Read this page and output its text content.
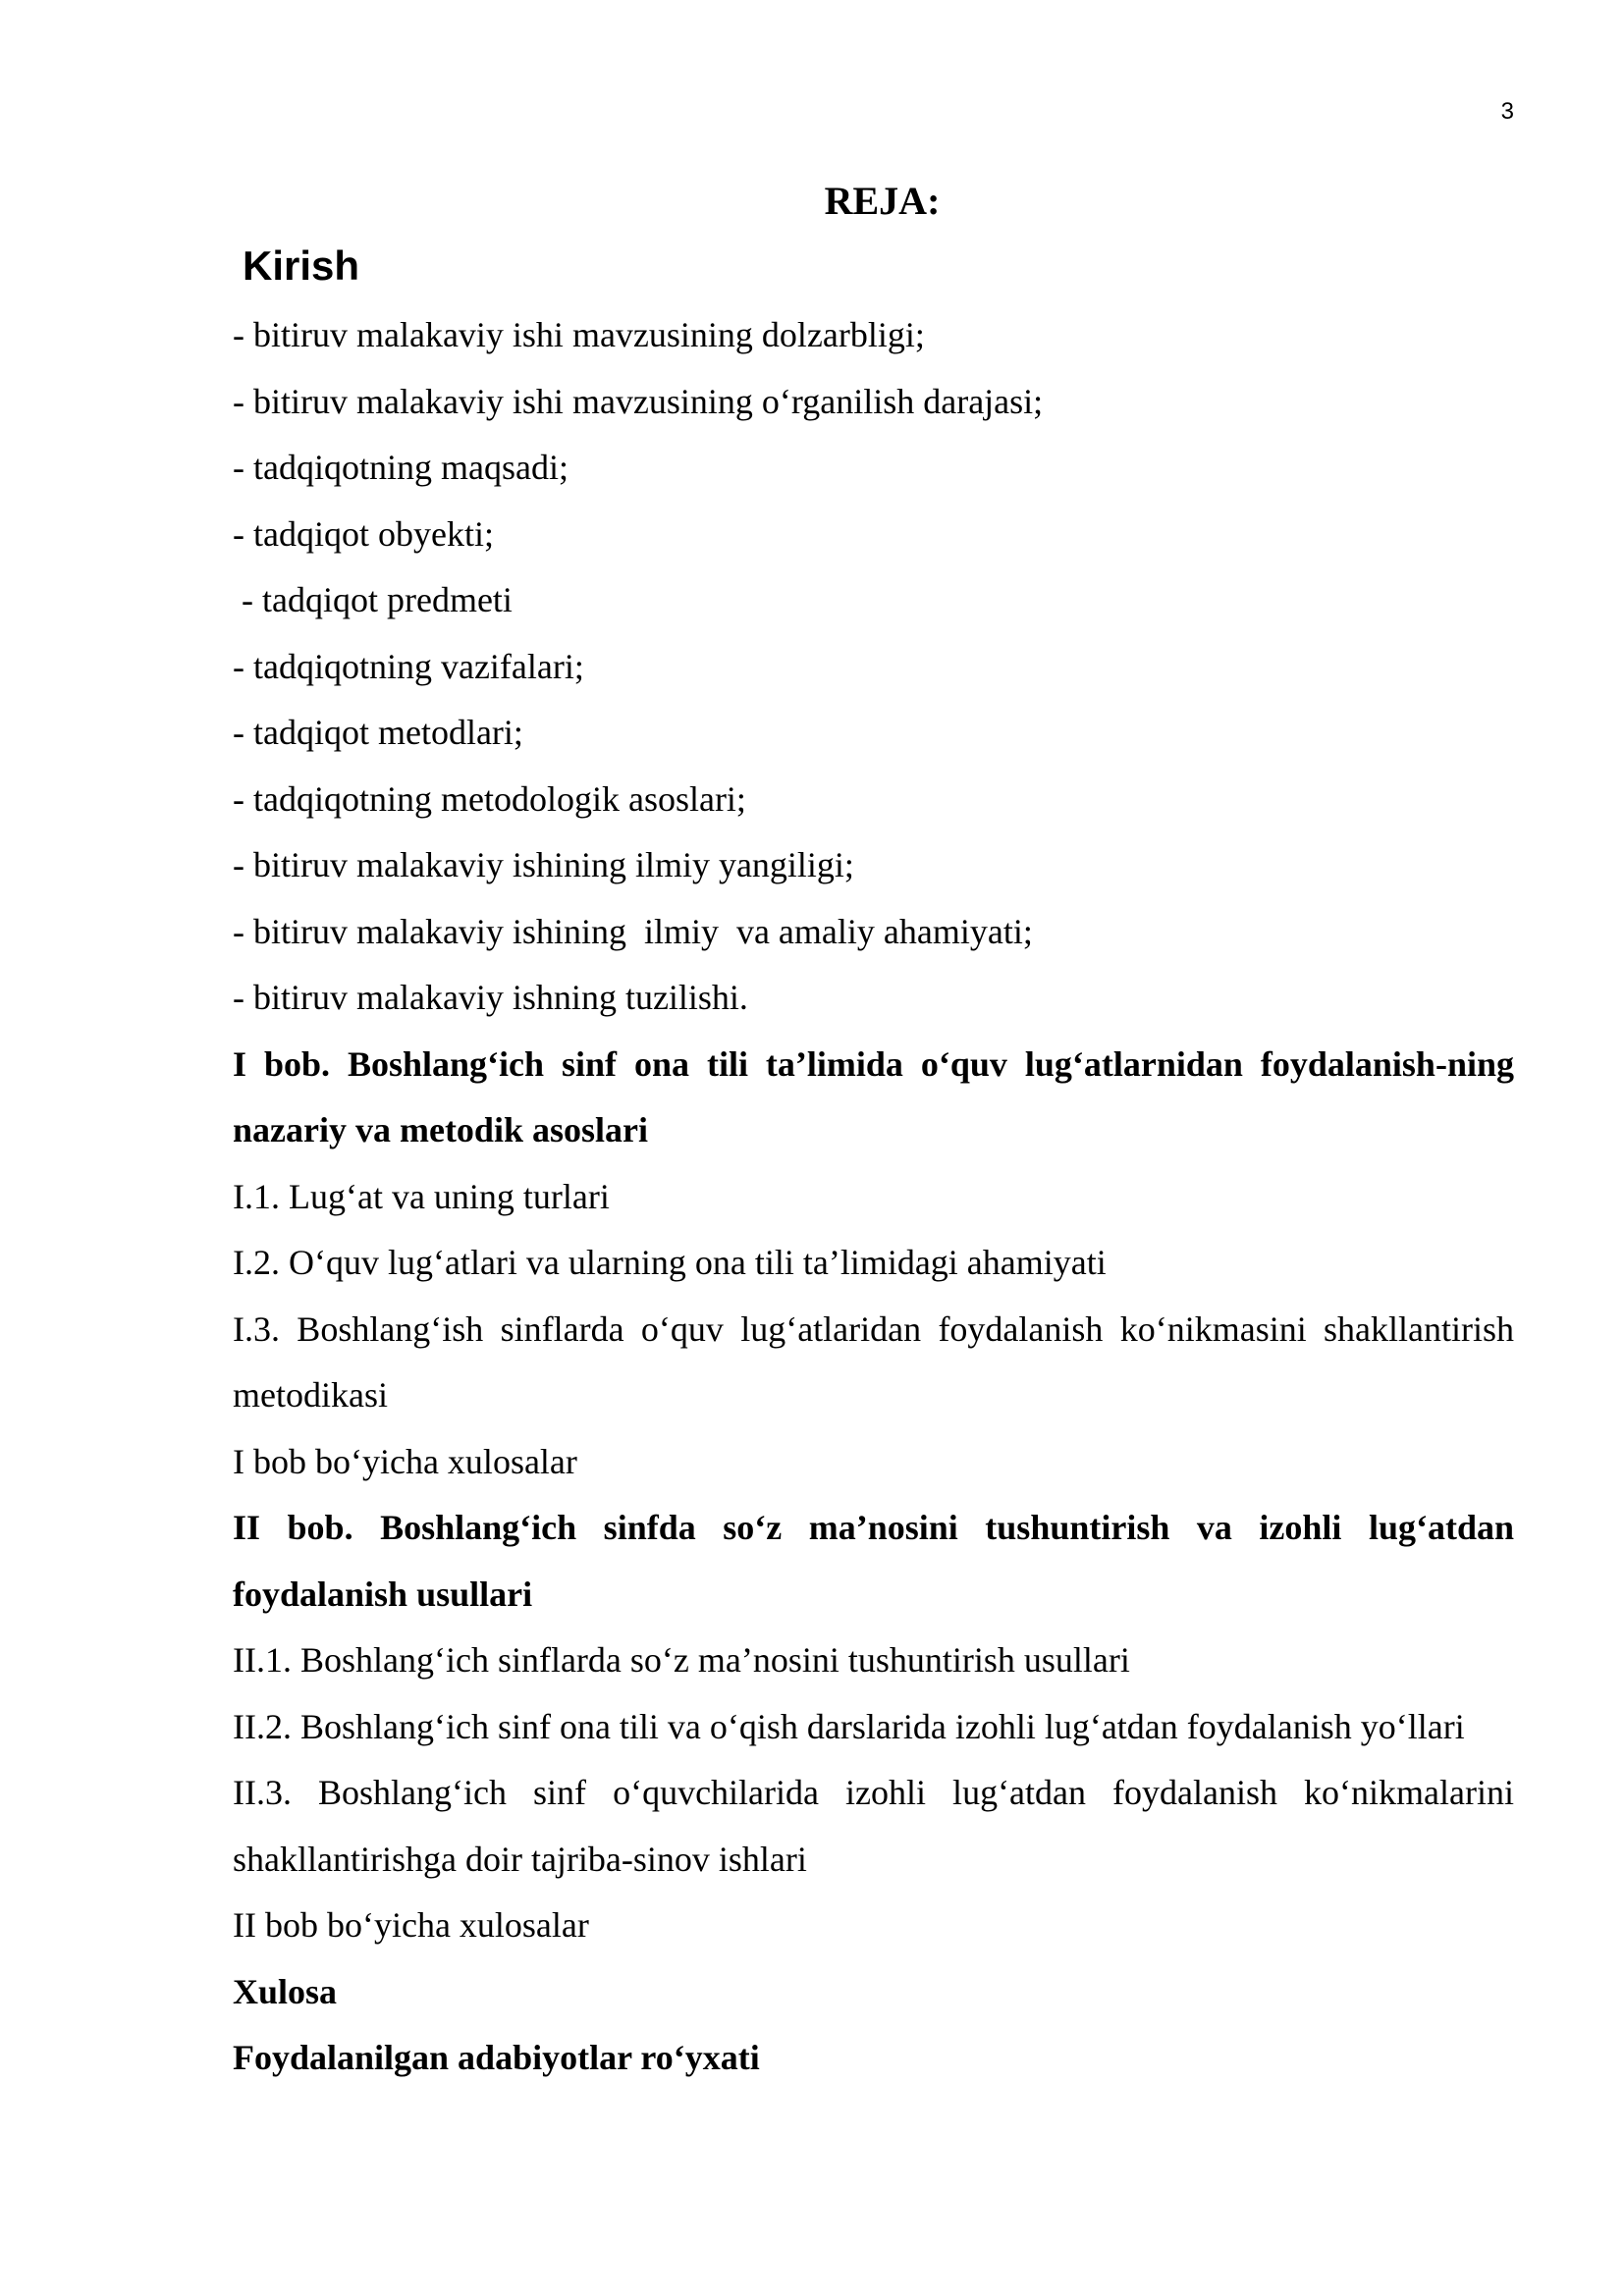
3
REJA:
Kirish
- bitiruv malakaviy ishi mavzusining dolzarbligi;
- bitiruv malakaviy ishi mavzusining o‘rganilish darajasi;
- tadqiqotning maqsadi;
- tadqiqot obyekti;
- tadqiqot predmeti
- tadqiqotning vazifalari;
- tadqiqot metodlari;
- tadqiqotning metodologik asoslari;
- bitiruv malakaviy ishining ilmiy yangiligi;
- bitiruv malakaviy ishining  ilmiy  va amaliy ahamiyati;
- bitiruv malakaviy ishning tuzilishi.
I bob. Boshlang‘ich sinf ona tili ta’limida o‘quv lug‘atlarnidan foydalanish-ning nazariy va metodik asoslari
I.1. Lug‘at va uning turlari
I.2. O‘quv lug‘atlari va ularning ona tili ta’limidagi ahamiyati
I.3. Boshlang‘ish sinflarda o‘quv lug‘atlaridan foydalanish ko‘nikmasini shakllantirish metodikasi
I bob bo‘yicha xulosalar
II bob. Boshlang‘ich sinfda so‘z ma’nosini tushuntirish va izohli lug‘atdan foydalanish usullari
II.1. Boshlang‘ich sinflarda so‘z ma’nosini tushuntirish usullari
II.2. Boshlang‘ich sinf ona tili va o‘qish darslarida izohli lug‘atdan foydalanish yo‘llari
II.3. Boshlang‘ich sinf o‘quvchilarida izohli lug‘atdan foydalanish ko‘nikmalarini shakllantirishga doir tajriba-sinov ishlari
II bob bo‘yicha xulosalar
Xulosa
Foydalanilgan adabiyotlar ro‘yxati
